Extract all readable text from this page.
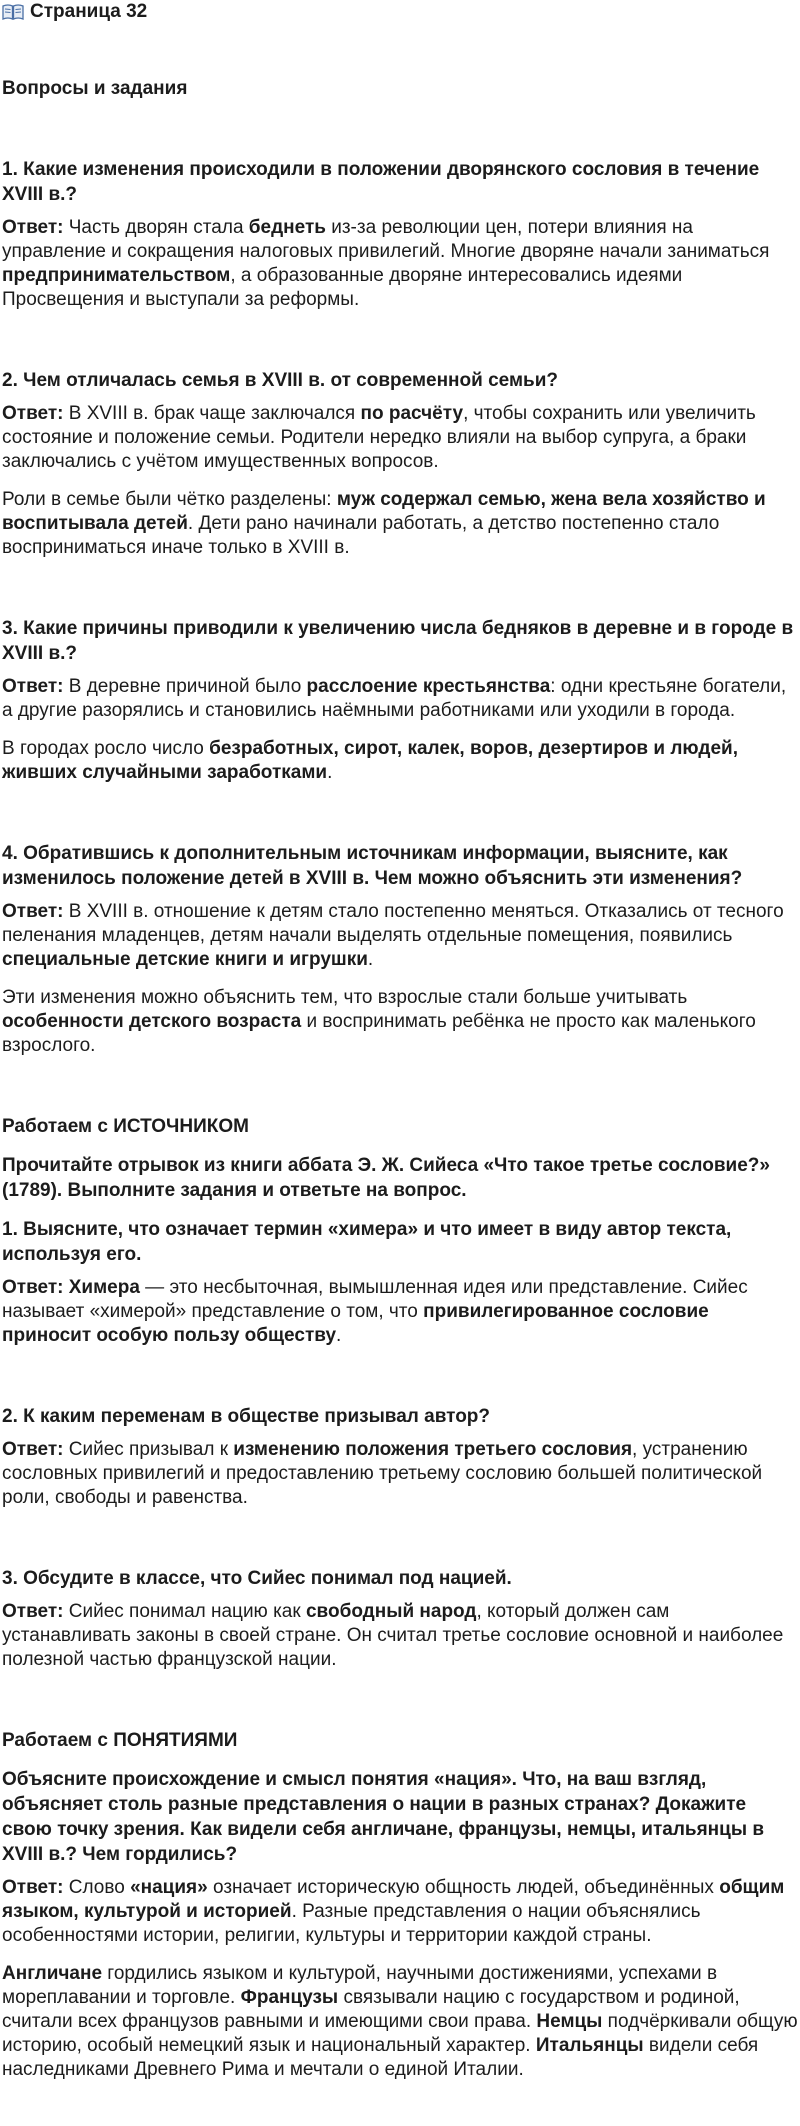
Страница 32
Вопросы и задания

1. Какие изменения происходили в положении дворянского сословия в течение XVIII в.?

Ответ: Часть дворян стала беднеть из-за революции цен, потери влияния на управление и сокращения налоговых привилегий. Многие дворяне начали заниматься предпринимательством, а образованные дворяне интересовались идеями Просвещения и выступали за реформы.

2. Чем отличалась семья в XVIII в. от современной семьи?

Ответ: В XVIII в. брак чаще заключался по расчёту, чтобы сохранить или увеличить состояние и положение семьи. Родители нередко влияли на выбор супруга, а браки заключались с учётом имущественных вопросов.

Роли в семье были чётко разделены: муж содержал семью, жена вела хозяйство и воспитывала детей. Дети рано начинали работать, а детство постепенно стало восприниматься иначе только в XVIII в.

3. Какие причины приводили к увеличению числа бедняков в деревне и в городе в XVIII в.?

Ответ: В деревне причиной было расслоение крестьянства: одни крестьяне богатели, а другие разорялись и становились наёмными работниками или уходили в города.

В городах росло число безработных, сирот, калек, воров, дезертиров и людей, живших случайными заработками.

4. Обратившись к дополнительным источникам информации, выясните, как изменилось положение детей в XVIII в. Чем можно объяснить эти изменения?

Ответ: В XVIII в. отношение к детям стало постепенно меняться. Отказались от тесного пеленания младенцев, детям начали выделять отдельные помещения, появились специальные детские книги и игрушки.

Эти изменения можно объяснить тем, что взрослые стали больше учитывать особенности детского возраста и воспринимать ребёнка не просто как маленького взрослого.

Работаем с ИСТОЧНИКОМ

Прочитайте отрывок из книги аббата Э. Ж. Сийеса «Что такое третье сословие?» (1789). Выполните задания и ответьте на вопрос.

1. Выясните, что означает термин «химера» и что имеет в виду автор текста, используя его.

Ответ: Химера — это несбыточная, вымышленная идея или представление. Сийес называет «химерой» представление о том, что привилегированное сословие приносит особую пользу обществу.

2. К каким переменам в обществе призывал автор?

Ответ: Сийес призывал к изменению положения третьего сословия, устранению сословных привилегий и предоставлению третьему сословию большей политической роли, свободы и равенства.

3. Обсудите в классе, что Сийес понимал под нацией.

Ответ: Сийес понимал нацию как свободный народ, который должен сам устанавливать законы в своей стране. Он считал третье сословие основной и наиболее полезной частью французской нации.

Работаем с ПОНЯТИЯМИ

Объясните происхождение и смысл понятия «нация». Что, на ваш взгляд, объясняет столь разные представления о нации в разных странах? Докажите свою точку зрения. Как видели себя англичане, французы, немцы, итальянцы в XVIII в.? Чем гордились?

Ответ: Слово «нация» означает историческую общность людей, объединённых общим языком, культурой и историей. Разные представления о нации объяснялись особенностями истории, религии, культуры и территории каждой страны.

Англичане гордились языком и культурой, научными достижениями, успехами в мореплавании и торговле. Французы связывали нацию с государством и родиной, считали всех французов равными и имеющими свои права. Немцы подчёркивали общую историю, особый немецкий язык и национальный характер. Итальянцы видели себя наследниками Древнего Рима и мечтали о единой Италии.
